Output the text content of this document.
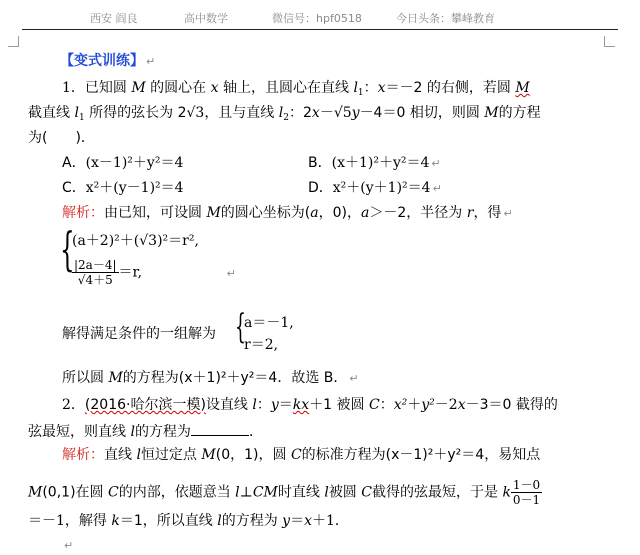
西安 阎良	高中数学	微信号：hpf0518	今日头条：攀峰教育
【变式训练】 ↵
1．已知圆 M 的圆心在 x 轴上，且圆心在直线 $l_1$：x＝－2 的右侧，若圆 M
截直线 $l_1$ 所得的弦长为 2√3，且与直线 $l_2$：2x－√5y－4＝0 相切，则圆 M的方程
为(　　)．
A．(x－1)²＋y²＝4	B．(x＋1)²＋y²＝4 ↵
C．x²＋(y－1)²＝4	D．x²＋(y＋1)²＝4 ↵
解析：由已知，可设圆 M的圆心坐标为(a，0)，a＞－2，半径为 r，得 ↵
{
(a＋2)²＋(√3)²＝r²,
$\frac{|2a-4|}{√4+5} =r$,	↵
解得满足条件的一组解为 {
a＝－1,
r＝2,
所以圆 M的方程为(x＋1)²＋y²＝4．故选 B． ↵
2．(2016·哈尔滨一模)设直线 l：y＝kx＋1 被圆 C：x²＋y²－2x－3＝0 截得的
弦最短，则直线 l的方程为	．
解析：直线 l恒过定点 M(0，1)，圆 C的标准方程为(x－1)²＋y²＝4，易知点
M(0,1)在圆 C的内部，依题意当 l⊥CM时直线 l被圆 C截得的弦最短，于是 k $\frac{1-0}{0-1}$
＝－1，解得 k＝1，所以直线 l的方程为 y＝x＋1．
↵
